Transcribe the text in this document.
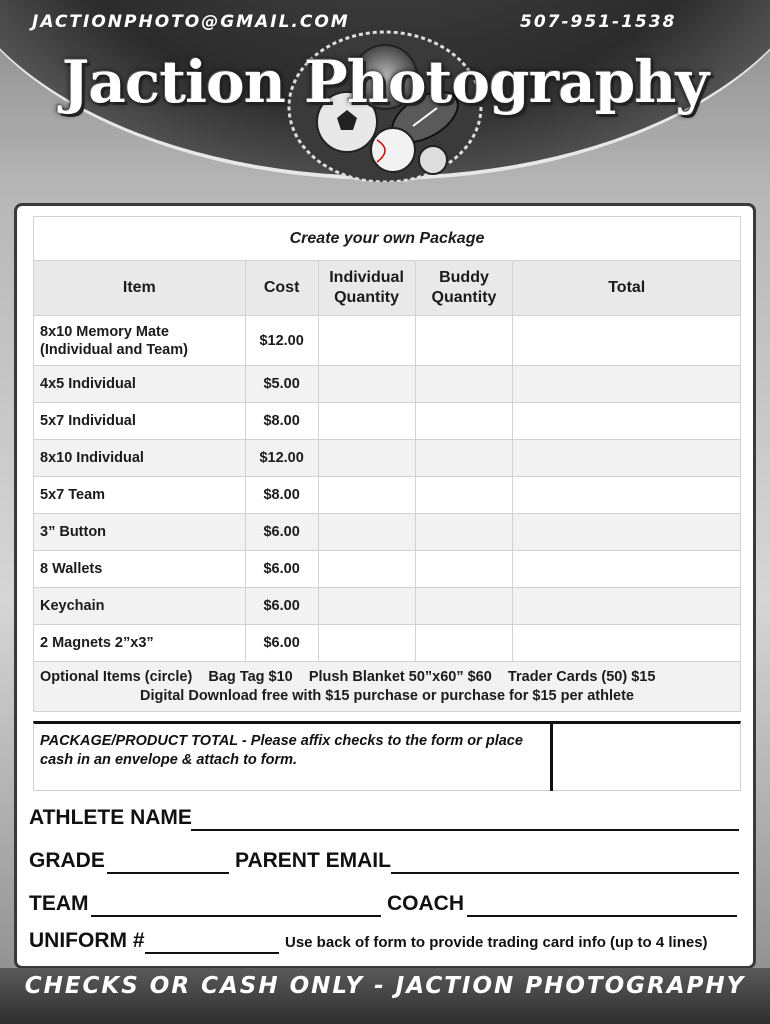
JACTIONPHOTO@GMAIL.COM	507-951-1538
Jaction Photography
Create your own Package				
Item	Cost	Individual Quantity	Buddy Quantity	Total

8x10 Memory Mate
(Individual and Team)	$12.00			
4x5 Individual	$5.00			
5x7 Individual	$8.00			
8x10 Individual	$12.00			
5x7 Team	$8.00			
3” Button	$6.00			
8 Wallets	$6.00			
Keychain	$6.00			
2 Magnets 2”x3”	$6.00			

Optional Items (circle)    Bag Tag $10    Plush Blanket 50”x60” $60    Trader Cards (50) $15
Digital Download free with $15 purchase or purchase for $15 per athlete				
PACKAGE/PRODUCT TOTAL - Please affix checks to the form or place cash in an envelope & attach to form.
ATHLETE NAME
GRADE	PARENT EMAIL
TEAM	COACH
UNIFORM #	Use back of form to provide trading card info (up to 4 lines)
CHECKS OR CASH ONLY - JACTION PHOTOGRAPHY
